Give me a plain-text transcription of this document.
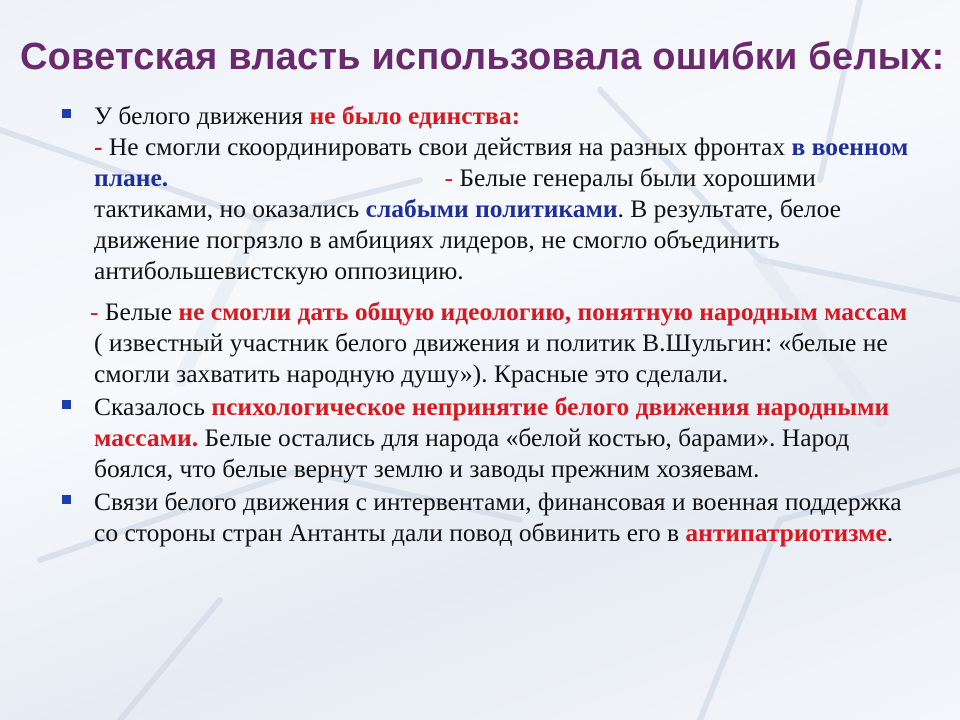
Советская власть использовала ошибки белых:
У белого движения не было единства:
- Не смогли скоординировать свои действия на разных фронтах в военном плане.	- Белые генералы были хорошими тактиками, но оказались слабыми политиками. В результате, белое движение погрязло в амбициях лидеров, не смогло объединить антибольшевистскую оппозицию.
- Белые не смогли дать общую идеологию, понятную народным массам ( известный участник белого движения и политик В.Шульгин: «белые не смогли захватить народную душу»). Красные это сделали.
Сказалось психологическое непринятие белого движения народными массами. Белые остались для народа «белой костью, барами». Народ боялся, что белые вернут землю и заводы прежним хозяевам.
Связи белого движения с интервентами, финансовая и военная поддержка со стороны стран Антанты дали повод обвинить его в антипатриотизме.
